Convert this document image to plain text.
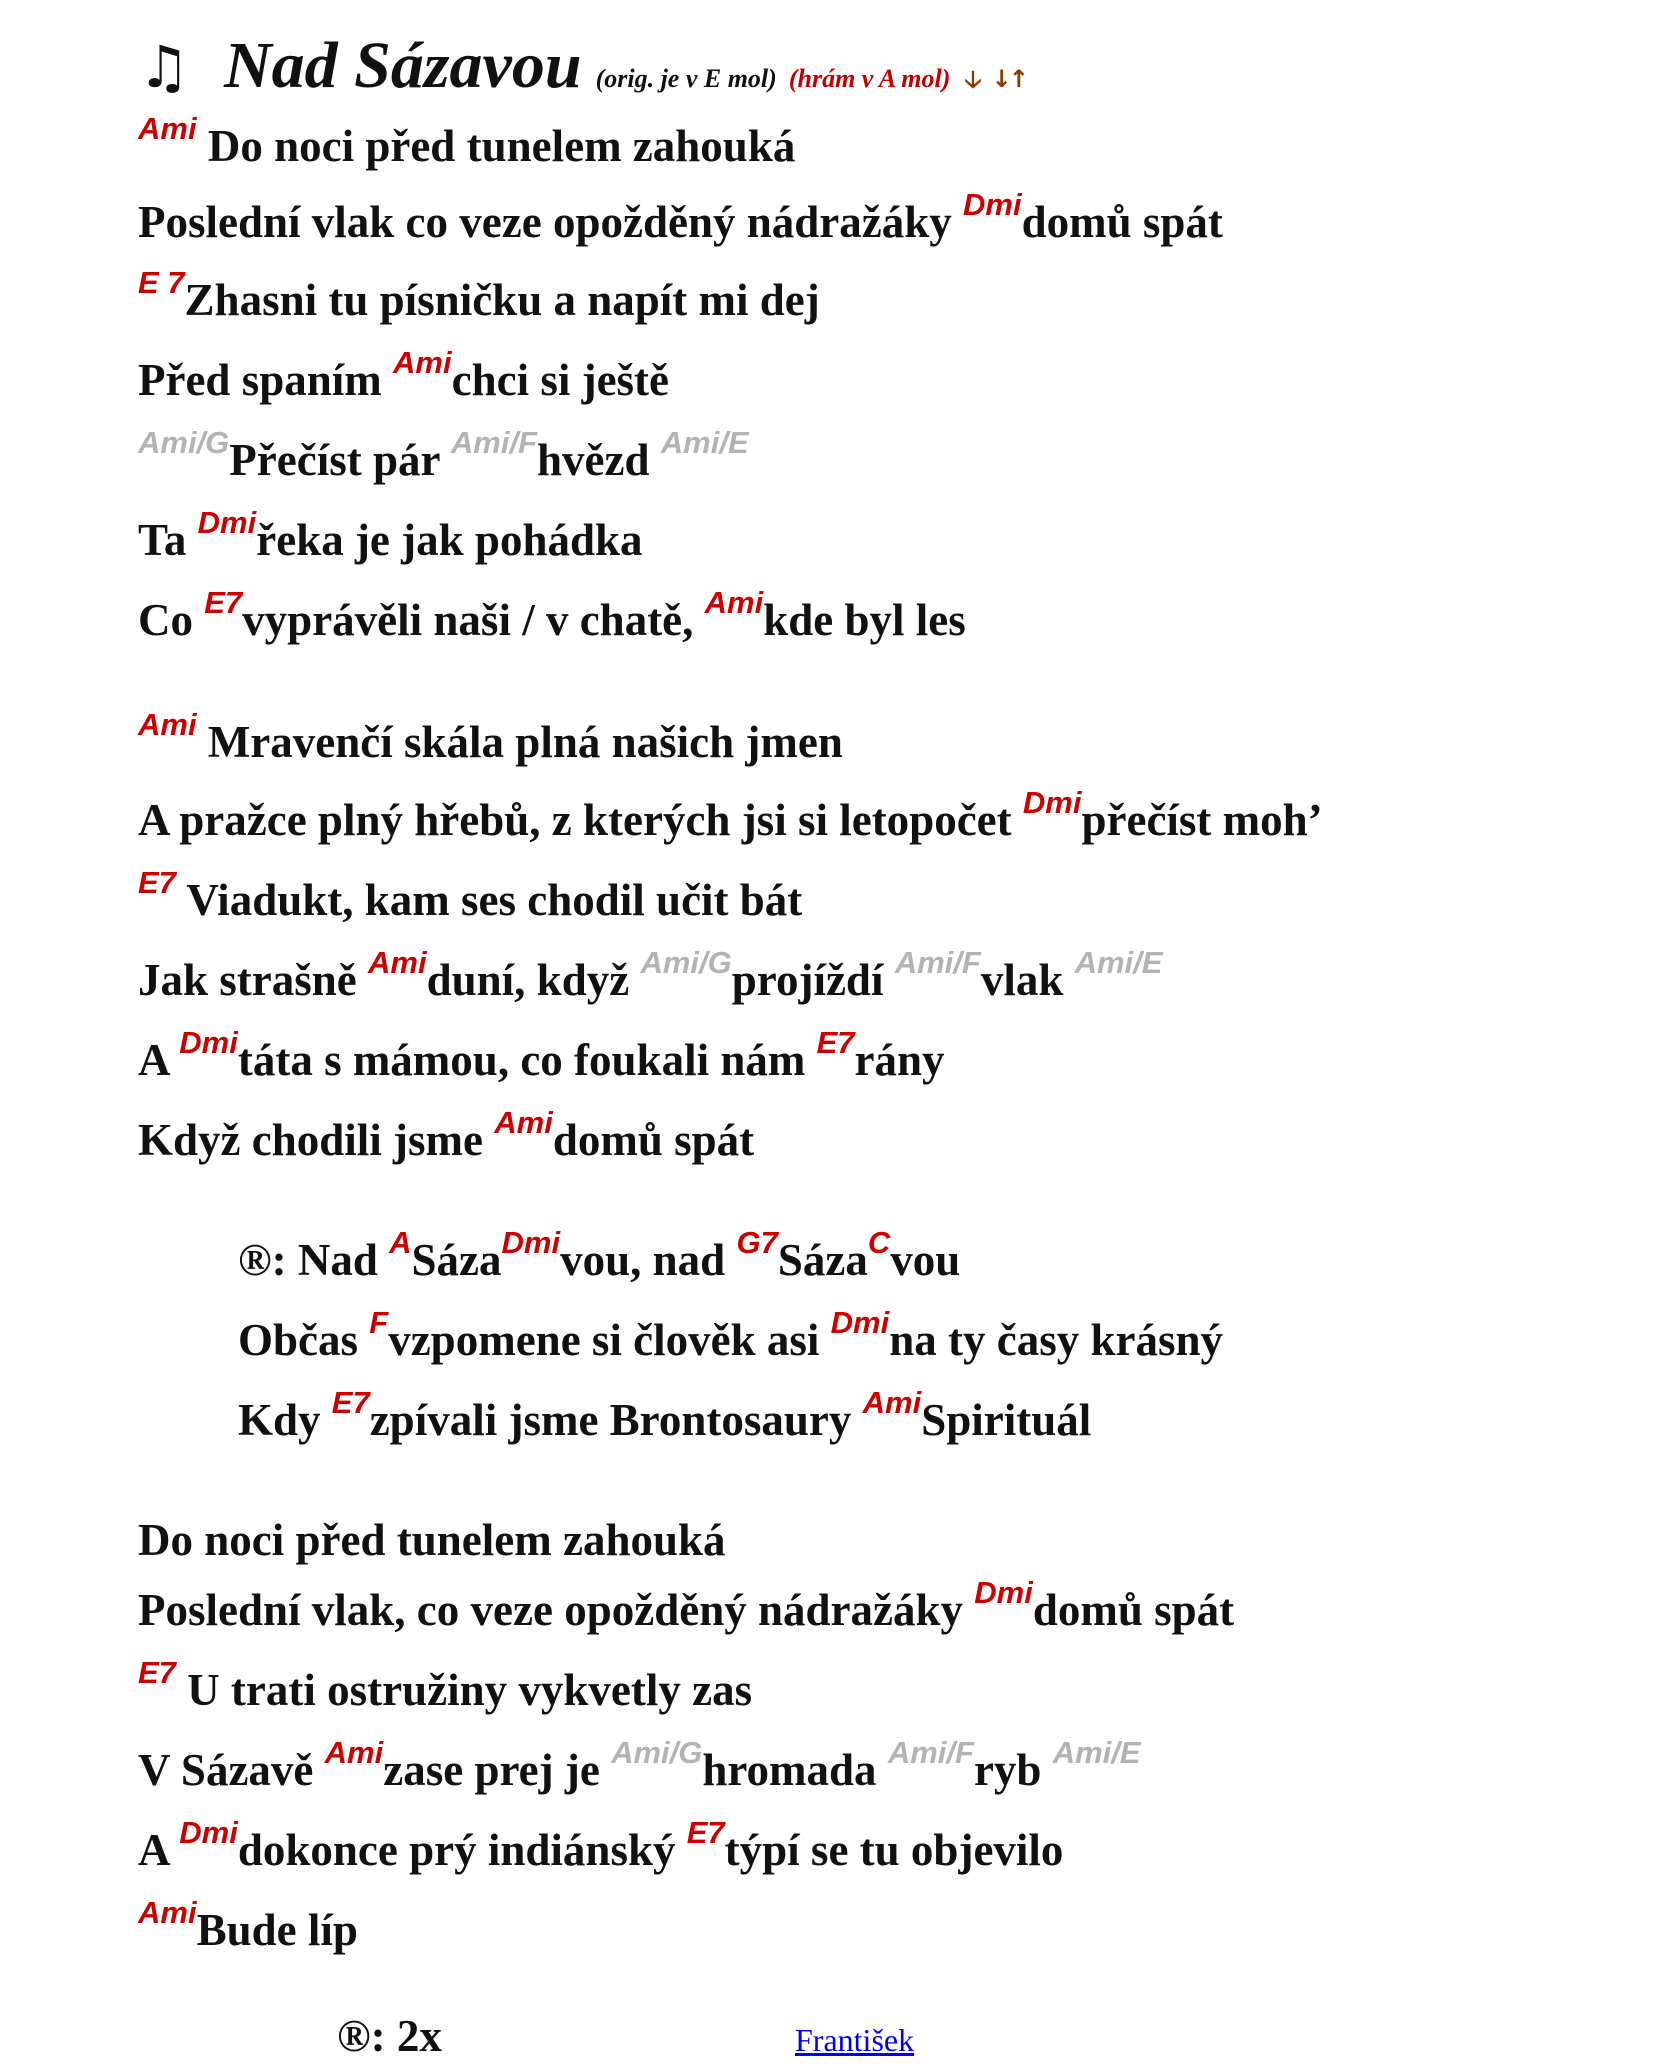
♫ Nad Sázavou (orig. je v E mol) (hrám v A mol) 🡣 ↓↑
$^{Ami}$ Do noci před tunelem zahouká
Poslední vlak co veze opožděný nádražáky $^{Dmi}$domů spát
$^{E 7}$Zhasni tu písničku a napít mi dej
Před spaním $^{Ami}$chci si ještě
$^{Ami/G}$Přečíst pár $^{Ami/F}$hvězd $^{Ami/E}$
Ta $^{Dmi}$řeka je jak pohádka
Co $^{E7}$vyprávěli naši / v chatě, $^{Ami}$kde byl les
$^{Ami}$ Mravenčí skála plná našich jmen
A pražce plný hřebů, z kterých jsi si letopočet $^{Dmi}$přečíst moh’
$^{E7}$ Viadukt, kam ses chodil učit bát
Jak strašně $^{Ami}$duní, když $^{Ami/G}$projíždí $^{Ami/F}$vlak $^{Ami/E}$
A $^{Dmi}$táta s mámou, co foukali nám $^{E7}$rány
Když chodili jsme $^{Ami}$domů spát
®: Nad $^A$Sáza$^{Dmi}$vou, nad $^{G7}$Sáza$^C$vou
Občas $^F$vzpomene si člověk asi $^{Dmi}$na ty časy krásný
Kdy $^{E7}$zpívali jsme Brontosaury $^{Ami}$Spirituál
Do noci před tunelem zahouká
Poslední vlak, co veze opožděný nádražáky $^{Dmi}$domů spát
$^{E7}$ U trati ostružiny vykvetly zas
V Sázavě $^{Ami}$zase prej je $^{Ami/G}$hromada $^{Ami/F}$ryb $^{Ami/E}$
A $^{Dmi}$dokonce prý indiánský $^{E7}$týpí se tu objevilo
$^{Ami}$Bude líp
®: 2x	František
